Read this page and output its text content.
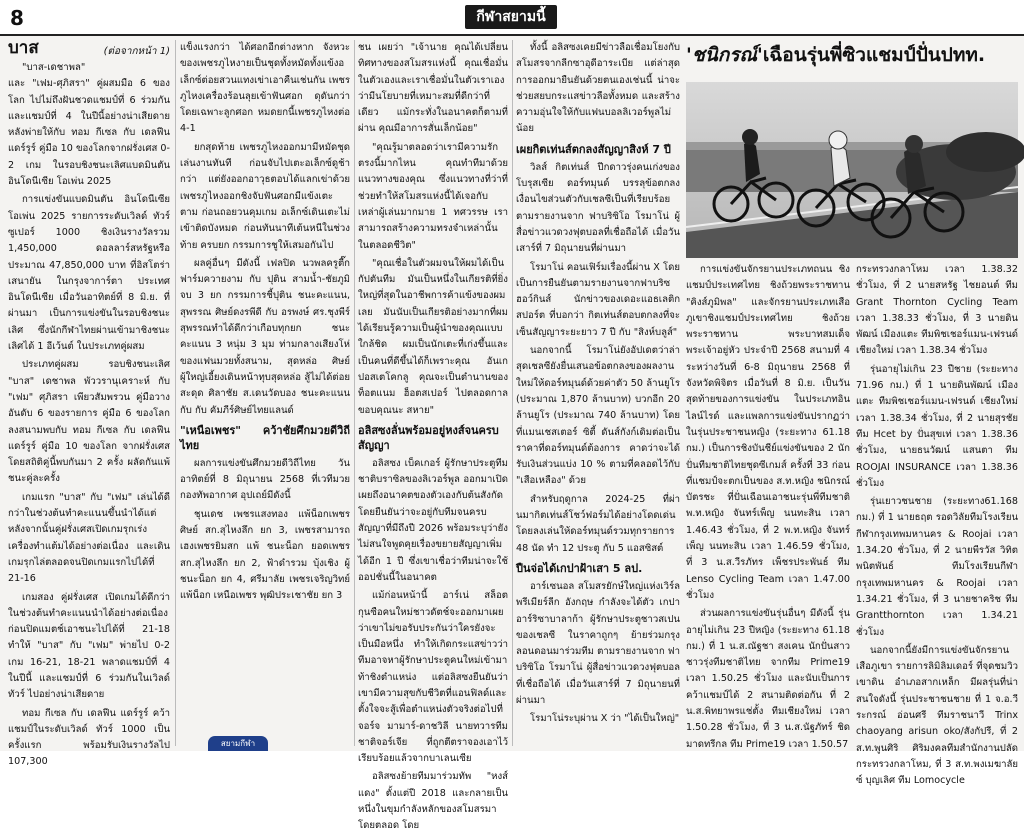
8	กีฬาสยามนี้
บาส	(ต่อจากหน้า 1)

"บาส-เดชาพล" และ "เฟม-ศุภิสรา" คู่ผสมมือ 6 ของโลก ไปไม่ถึงฝันชวดแชมป์ที่ 6 ร่วมกันและแชมป์ที่ 4 ในปีนี้อย่างน่าเสียดาย หลังพ่ายให้กับ ทอม กีเซล กับ เดลฟีน แดร์รูร์ คู่มือ 10 ของโลกจากฝรั่งเศส 0-2 เกม ในรอบชิงชนะเลิศแบดมินตัน อินโดนีเซีย โอเพ่น 2025

การแข่งขันแบดมินตัน อินโดนีเซีย โอเพ่น 2025 รายการระดับเวิลด์ ทัวร์ ซูเปอร์ 1000 ชิงเงินรางวัลรวม 1,450,000 ดอลลาร์สหรัฐหรือประมาณ 47,850,000 บาท ที่อิสโตร่าเสนายัน ในกรุงจาการ์ตา ประเทศอินโดนีเซีย เมื่อวันอาทิตย์ที่ 8 มิ.ย. ที่ผ่านมา เป็นการแข่งขันในรอบชิงชนะเลิศ ซึ่งนักกีฬาไทยผ่านเข้ามาชิงชนะเลิศได้ 1 อีเว้นต์ ในประเภทคู่ผสม

ประเภทคู่ผสม รอบชิงชนะเลิศ "บาส" เดชาพล พัววรานุเคราะห์ กับ "เฟม" ศุภิสรา เพียวสัมพรวน คู่มือวางอันดับ 6 ของรายการ คู่มือ 6 ของโลก ลงสนามพบกับ ทอม กีเซล กับ เดลฟีน แดร์รูร์ คู่มือ 10 ของโลก จากฝรั่งเศส โดยสถิติคู่นี้พบกันมา 2 ครั้ง ผลัดกันแพ้ชนะคู่ละครั้ง

เกมแรก "บาส" กับ "เฟม" เล่นได้ดีกว่าในช่วงต้นทำคะแนนขึ้นนำได้แต่หลังจากนั้นคู่ฝรั่งเศสเปิดเกมรุกเร่งเครื่องทำแต้มได้อย่างต่อเนื่อง และเดินเกมรุกไล่ตลอดจนปิดเกมแรกไปได้ที่ 21-16

เกมสอง คู่ฝรั่งเศส เปิดเกมได้ดีกว่าในช่วงต้นทำคะแนนนำได้อย่างต่อเนื่อง ก่อนปิดแมตช์เอาชนะไปได้ที่ 21-18 ทำให้ "บาส" กับ "เฟม" พ่ายไป 0-2 เกม 16-21, 18-21 พลาดแชมป์ที่ 4 ในปีนี้ และแชมป์ที่ 6 ร่วมกันในเวิลด์ ทัวร์ ไปอย่างน่าเสียดาย

ทอม กีเซล กับ เดลฟีน แดร์รูร์ คว้าแชมป์ในระดับเวิลด์ ทัวร์ 1000 เป็นครั้งแรก พร้อมรับเงินรางวัลไป 107,300

แข็งแรงกว่า ได้ศอกอีกต่างหาก จังหวะของเพชรภูไหงายเป็นชุดทั้งหมัดทั้งแข้งอเล็กซ์ต่อยสวนแทงเข่าเอาคืนเช่นกัน เพชรภูไหงเครื่องร้อนลุยเข้าฟันศอก ดุดันกว่า โดยเฉพาะลูกศอก หมดยกนี้เพชรภูไหงต่อ 4-1

ยกสุดท้าย เพชรภูไหงออกมามีหมัดชุดเล่นงานทันที ก่อนจับไปเตะอเล็กซ์ดูช้ากว่า แต่ยังออกอาวุธตอบได้แลกเข่าด้วย เพชรภูไหงออกชิงจับฟันศอกมีแข้งเตะตาม ก่อนถอยวนคุมเกม อเล็กซ์เดินเตะไม่เข้าติดบังหมด ก่อนทันนาทีเต้นหนีในช่วงท้าย ครบยก กรรมการชูให้เสมอกันไป

ผลคู่อื่นๆ มีดังนี้ เฟลปิด นวพลครูตี๊กฟาร์มควายงาม กับ ปุติน สามน้ำ-ชัยภูมิ จบ 3 ยก กรรมการชี้ปุติน ชนะคะแนน, สุพรรณ ศิษย์ดงรพีดี กับ อรพงษ์ ศร.ชุงพีร์ สุพรรณทำได้ดีกว่าเกือบทุกยก ชนะคะแนน 3 หนุ่ม 3 มุม ท่ามกลางเสียงโห่ของแฟนมวยทั้งสนาม, สุดหล่อ ศิษย์ผู้ใหญ่เอี้ยงเดินหน้าทุบสุดหล่อ สู้ไม่ได้ต่อยสะดุด ศิลาชัย ส.เดนวัดบอง ชนะคะแนน กับ กับ คัมภีร์ศิษย์ไทยแลนด์

"เหนือเพชร" คว้าชัยศึกมวยดีวิถีไทย

ผลการแข่งขันศึกมวยดีวิถีไทย วันอาทิตย์ที่ 8 มิถุนายน 2568 ที่เวทีมวยกองทัพอากาศ อุปเถย์มีดังนี้

ชุนเดช เพชรแสงทอง แพ้น็อกเพชรศิษย์ สก.สุไหงลึก ยก 3, เพชรสามารถ เฮงเพชรยิมสก แพ้ ชนะน็อก ยอดเพชร สก.สุไหงลึก ยก 2, ฟ้าดำรวม บุ้งเชิง ผู้ชนะน็อก ยก 4, ศรีมาลัย เพชรเจริญวิทย์ แพ้น็อก เหนือเพชร พุฒิประเชาชัย ยก 3

สยามกีฬา

ชน เผยว่า "เจ้านาย คุณได้เปลี่ยนทิศทางของสโมสรแห่งนี้ คุณเชื่อมั่นในตัวเองและเราเชื่อมั่นในตัวเราเองว่ามีนโยบายที่เหมาะสมที่ดีกว่าที่เดียว แม้กระทั่งในอนาคตก็ตามที่ผ่าน คุณมีอาการสั่นเล็กน้อย"

"คุณรู้มาตลอดว่าเรามีความรักตรงนี้มากไหน คุณทำทีมาด้วยแนวทางของคุณ ซึ่งแนวทางที่ว่าที่ช่วยทำให้สโมสรแห่งนี้ได้เจอกับเหล่าผู้เล่นมากมาย 1 ทศวรรษ เราสามารถสร้างความทรงจำเหล่านั้นในตลอดชีวิต"

"คุณเชื่อในตัวผมจนให้ผมได้เป็นกัปตันทีม มันเป็นหนึ่งในเกียรติที่ยิ่งใหญ่ที่สุดในอาชีพการค้าแข้งของผมเลย มันนับเป็นเกียรติอย่างมากที่ผมได้เรียนรู้ความเป็นผู้นำของคุณแบบใกล้ชิด ผมเป็นนักเตะที่เก่งขึ้นและเป็นคนที่ดีขึ้นได้ก็เพราะคุณ อันเก ปอสเตโคกลู คุณจะเป็นตำนานของท็อตแนม ฮ็อตสเปอร์ ไปตลอดกาล ขอบคุณนะ สหาย"

อลิสซงลั่นพร้อมอยู่หงส์จนครบสัญญา

อลิสซง เบ็คเกอร์ ผู้รักษาประตูทีมชาติบราซิลของลิเวอร์พูล ออกมาเปิดเผยถึงอนาคตของตัวเองกับต้นสังกัด โดยยืนยันว่าจะอยู่กับทีมจนครบสัญญาที่มีถึงปี 2026 พร้อมระบุว่ายังไม่สนใจพูดคุยเรื่องขยายสัญญาเพิ่มได้อีก 1 ปี ซึ่งเขาเชื่อว่าทีมน่าจะใช้ออปชั่นนี้ในอนาคต

แม้ก่อนหน้านี้ อาร์เน่ สล็อต กุนซือคนใหม่ชาวดัตช์จะออกมาเผยว่าเขาไม่ขอรับประกันว่าใครยังจะเป็นมือหนึ่ง ทำให้เกิดกระแสข่าวว่าทีมอาจหาผู้รักษาประตูคนใหม่เข้ามาท้าชิงตำแหน่ง แต่อลิสซงยืนยันว่าเขามีความสุขกับชีวิตที่แอนฟิลด์และตั้งใจจะสู้เพื่อตำแหน่งตัวจริงต่อไปที่จอร์จ มามาร์-ดาชวิลี นายทวารทีมชาติจอร์เจีย ที่ถูกตีตราจองเอาไว้เรียบร้อยแล้วจากบาเลนเซีย

อลิสซงย้ายทีมมาร่วมทัพ "หงส์แดง" ตั้งแต่ปี 2018 และกลายเป็นหนึ่งในขุมกำลังหลักของสโมสรมาโดยตลอด โดย

ทั้งนี้ อลิสซงเคยมีข่าวลือเชื่อมโยงกับสโมสรจากลีกซาอุดีอาระเบีย แต่ล่าสุดการออกมายืนยันด้วยตนเองเช่นนี้ น่าจะช่วยสยบกระแสข่าวลือทั้งหมด และสร้างความอุ่นใจให้กับแฟนบอลลิเวอร์พูลไม่น้อย

เผยกิตเท่นส์ตกลงสัญญาสิงห์ 7 ปี

วิลส์ กิตเท่นส์ ปีกดาวรุ่งคนเก่งของโบรุสเซีย ดอร์ทมุนด์ บรรลุข้อตกลงเงื่อนไขส่วนตัวกับเชลซีเป็นที่เรียบร้อยตามรายงานจาก ฟาบริซิโอ โรมาโน่ ผู้สื่อข่าวแวดวงฟุตบอลที่เชื่อถือได้ เมื่อวันเสาร์ที่ 7 มิถุนายนที่ผ่านมา

โรมาโน่ คอนเฟิร์มเรื่องนี้ผ่าน X โดยเป็นการยืนยันตามรายงานจากฟาบริซ ฮอว์กินส์ นักข่าวของเดอะแอธเลติกสปอร์ต ที่บอกว่า กิตเท่นส์ตอบตกลงที่จะเซ็นสัญญาระยะยาว 7 ปี กับ "สิงห์บลูส์"

นอกจากนี้ โรมาโน่ยังอัปเดตว่าล่าสุดเชลซียังยื่นเสนอข้อตกลงของผลงานใหม่ให้ดอร์ทมุนด์ด้วยค่าตัว 50 ล้านยูโร (ประมาณ 1,870 ล้านบาท) บวกอีก 20 ล้านยูโร (ประมาณ 740 ล้านบาท) โดยที่แมนเชสเตอร์ ซิตี้ ดันส์กังก์เดิมต่อเป็นราคาที่ดอร์ทมุนด์ต้องการ คาดว่าจะได้รับเงินส่วนแบ่ง 10 % ตามที่คลอดไว้กับ "เสือเหลือง" ด้วย

สำหรับฤดูกาล 2024-25 ที่ผ่านมากิตเท่นส์โชว์ฟอร์มได้อย่างโดดเด่น โดยลงเล่นให้ดอร์ทมุนด์รวมทุกรายการ 48 นัด ทำ 12 ประตู กับ 5 แอสซิสต์

ปืนจ่อได้เกปาฝ้าเสา 5 ลป.

อาร์เซนอล สโมสรยักษ์ใหญ่แห่งเวิร์ลพรีเมียร์ลีก อังกฤษ กำลังจะได้ตัว เกปา อาร์ริซาบาลาก้า ผู้รักษาประตูชาวสเปนของเชลซี ในราคาถูกๆ ย้ายร่วมกรุงลอนดอนมาร่วมทีม ตามรายงานจาก ฟาบริซิโอ โรมาโน่ ผู้สื่อข่าวแวดวงฟุตบอลที่เชื่อถือได้ เมื่อวันเสาร์ที่ 7 มิถุนายนที่ผ่านมา

โรมาโน่ระบุผ่าน X ว่า "ได้เป็นใหญ่"

'ชนิกรณ์'เฉือนรุ่นพี่ซิวแชมป์ปั่นปทท.

การแข่งขันจักรยานประเภทถนน ชิงแชมป์ประเทศไทย ชิงถ้วยพระราชทาน "คิงส์ภูมิพล" และจักรยานประเภทเสือภูเขาชิงแชมป์ประเทศไทย ชิงถ้วยพระราชทาน พระบาทสมเด็จพระเจ้าอยู่หัว ประจำปี 2568 สนามที่ 4 ระหว่างวันที่ 6-8 มิถุนายน 2568 ที่จังหวัดพิจิตร เมื่อวันที่ 8 มิ.ย. เป็นวันสุดท้ายของการแข่งขัน ในประเภทอินไลน์ไรด์ และแพลการแข่งขันปรากฏว่า ในรุ่นประชาชนหญิง (ระยะทาง 61.18 กม.) เป็นการชิงบันชีย์แข่งขันของ 2 นักปั่นทีมชาติไทยชุดซีเกมส์ ครั้งที่ 33 ก่อนที่แชมป์จะตกเป็นของ ส.ท.หญิง ชนิกรณ์ บัตรชะ ที่ปั่นเฉือนเอาชนะรุ่นพี่ทีมชาติ พ.ท.หญิง จันทร์เพ็ญ นนทะสิน เวลา 1.46.43 ชั่วโมง, ที่ 2 พ.ท.หญิง จันทร์เพ็ญ นนทะสิน เวลา 1.46.59 ชั่วโมง, ที่ 3 น.ส.วีรภัทร เพ็ชรประพันธ์ ทีม Lenso Cycling Team เวลา 1.47.00 ชั่วโมง

ส่วนผลการแข่งขันรุ่นอื่นๆ มีดังนี้ รุ่นอายุไม่เกิน 23 ปีหญิง (ระยะทาง 61.18 กม.) ที่ 1 น.ส.ณัฐชา สงเคน นักปั่นสาวชาวรุ่งทีมชาติไทย จากทีม Prime19 เวลา 1.50.25 ชั่วโมง และนับเป็นการคว้าแชมป์ได้ 2 สนามติดต่อกัน ที่ 2 น.ส.พิทยาพรแช่ตั้ง ทีมเชียงใหม่ เวลา 1.50.28 ชั่วโมง, ที่ 3 น.ส.นัฐภัทร์ ชิดมาดทรีกล ทีม Prime19 เวลา 1.50.57

กระทรวงกลาโหม เวลา 1.38.32 ชั่วโมง, ที่ 2 นายสหรัฐ ไชยอนต์ ทีม Grant Thornton Cycling Team เวลา 1.38.33 ชั่วโมง, ที่ 3 นายดินพัฒน์ เมืองแตะ ทีมพิชเชอร์แมน-เฟรนด์ เชียงใหม่ เวลา 1.38.34 ชั่วโมง

รุ่นอายุไม่เกิน 23 ปีชาย (ระยะทาง 71.96 กม.) ที่ 1 นายดินพัฒน์ เมืองแตะ ทีมพิชเชอร์แมน-เฟรนด์ เชียงใหม่ เวลา 1.38.34 ชั่วโมง, ที่ 2 นายสุรชัย ทีม Hcet by ปั่นสุขเท่ เวลา 1.38.36 ชั่วโมง, นายธนวัฒน์ แสนตา ทีม ROOJAI INSURANCE เวลา 1.38.36 ชั่วโมง

รุ่นเยาวชนชาย (ระยะทาง61.168 กม.) ที่ 1 นายธฤต รอดวิลัยทีมโรงเรียนกีฬากรุงเทพมหานคร & Roojai เวลา 1.34.20 ชั่วโมง, ที่ 2 นายพีรวัส วิทิตพนิตพันธ์ ทีมโรงเรียนกีฬากรุงเทพมหานคร & Roojai เวลา 1.34.21 ชั่วโมง, ที่ 3 นายชาคริช ทีม Grantthornton เวลา 1.34.21 ชั่วโมง

นอกจากนี้ยังมีการแข่งขันจักรยานเสือภูเขา รายการลิมิลิมเดอร์ ที่จุดชมวิวเขาดิน อำเภอสากเหล็ก มีผลรุ่นที่น่าสนใจดังนี้ รุ่นประชาชนชาย ที่ 1 จ.อ.วีระกรณ์ อ่อนศรี ทีมราชนาวี Trinx chaoyang arisun oko/สังกัปรี, ที่ 2 ส.ท.พูนศิริ ศิริมงคลทีมสำนักงานปลัดกระทรวงกลาโหม, ที่ 3 ส.ท.พงเมฆาลัยซ์ บุญเลิศ ทีม Lomocycle
